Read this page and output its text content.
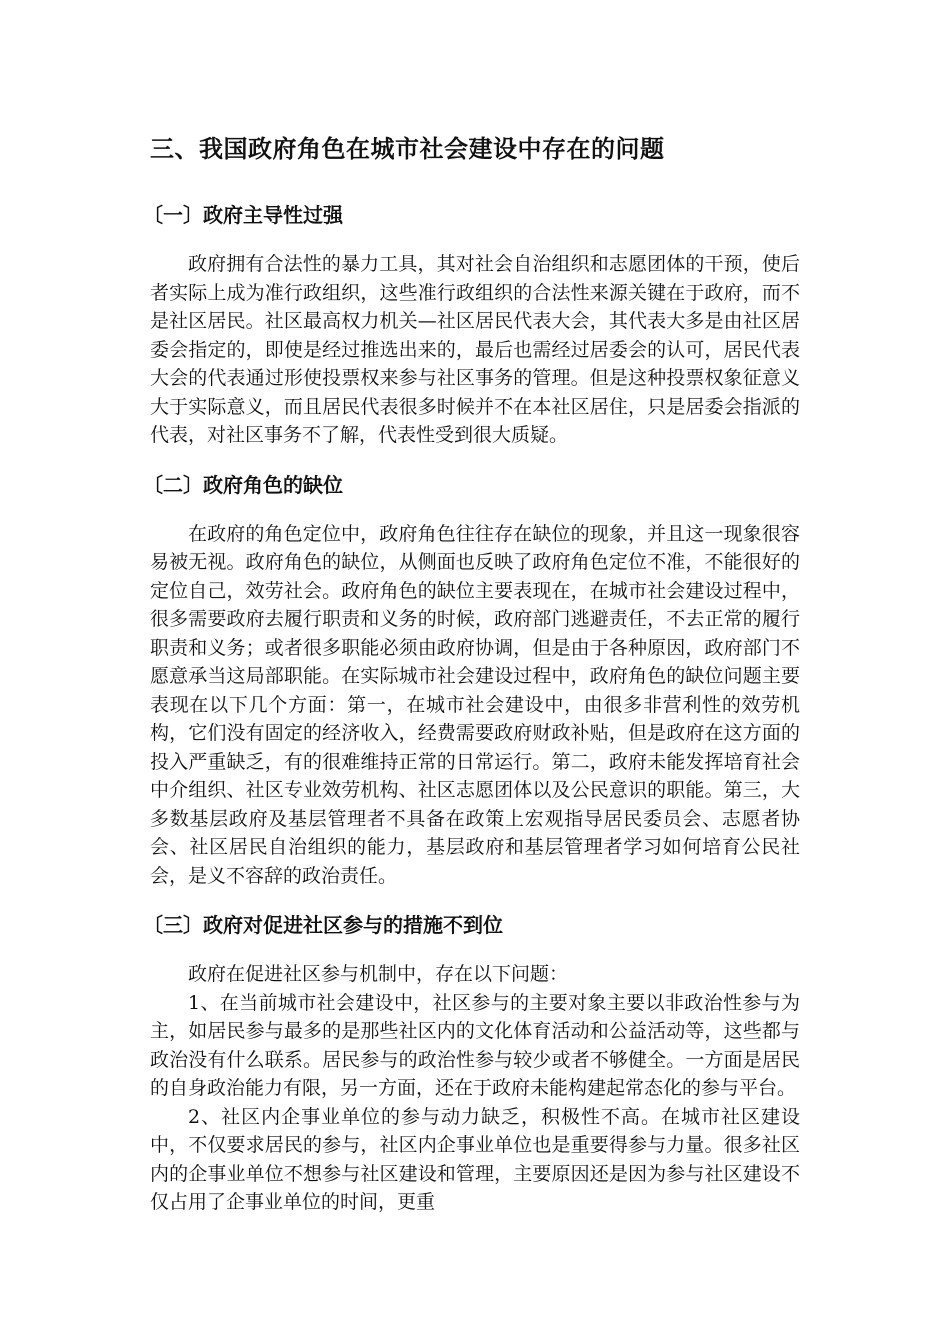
三、我国政府角色在城市社会建设中存在的问题
〔一〕政府主导性过强

政府拥有合法性的暴力工具，其对社会自治组织和志愿团体的干预，使后者实际上成为准行政组织，这些准行政组织的合法性来源关键在于政府，而不是社区居民。社区最高权力机关—社区居民代表大会，其代表大多是由社区居委会指定的，即使是经过推选出来的，最后也需经过居委会的认可，居民代表大会的代表通过形使投票权来参与社区事务的管理。但是这种投票权象征意义大于实际意义，而且居民代表很多时候并不在本社区居住，只是居委会指派的代表，对社区事务不了解，代表性受到很大质疑。

〔二〕政府角色的缺位

在政府的角色定位中，政府角色往往存在缺位的现象，并且这一现象很容易被无视。政府角色的缺位，从侧面也反映了政府角色定位不准，不能很好的定位自己，效劳社会。政府角色的缺位主要表现在，在城市社会建设过程中，很多需要政府去履行职责和义务的时候，政府部门逃避责任，不去正常的履行职责和义务；或者很多职能必须由政府协调，但是由于各种原因，政府部门不愿意承当这局部职能。在实际城市社会建设过程中，政府角色的缺位问题主要表现在以下几个方面：第一，在城市社会建设中，由很多非营利性的效劳机构，它们没有固定的经济收入，经费需要政府财政补贴，但是政府在这方面的投入严重缺乏，有的很难维持正常的日常运行。第二，政府未能发挥培育社会中介组织、社区专业效劳机构、社区志愿团体以及公民意识的职能。第三，大多数基层政府及基层管理者不具备在政策上宏观指导居民委员会、志愿者协会、社区居民自治组织的能力，基层政府和基层管理者学习如何培育公民社会，是义不容辞的政治责任。

〔三〕政府对促进社区参与的措施不到位

政府在促进社区参与机制中，存在以下问题：

1、在当前城市社会建设中，社区参与的主要对象主要以非政治性参与为主，如居民参与最多的是那些社区内的文化体育活动和公益活动等，这些都与政治没有什么联系。居民参与的政治性参与较少或者不够健全。一方面是居民的自身政治能力有限，另一方面，还在于政府未能构建起常态化的参与平台。

2、社区内企事业单位的参与动力缺乏，积极性不高。在城市社区建设中，不仅要求居民的参与，社区内企事业单位也是重要得参与力量。很多社区内的企事业单位不想参与社区建设和管理，主要原因还是因为参与社区建设不仅占用了企事业单位的时间，更重
